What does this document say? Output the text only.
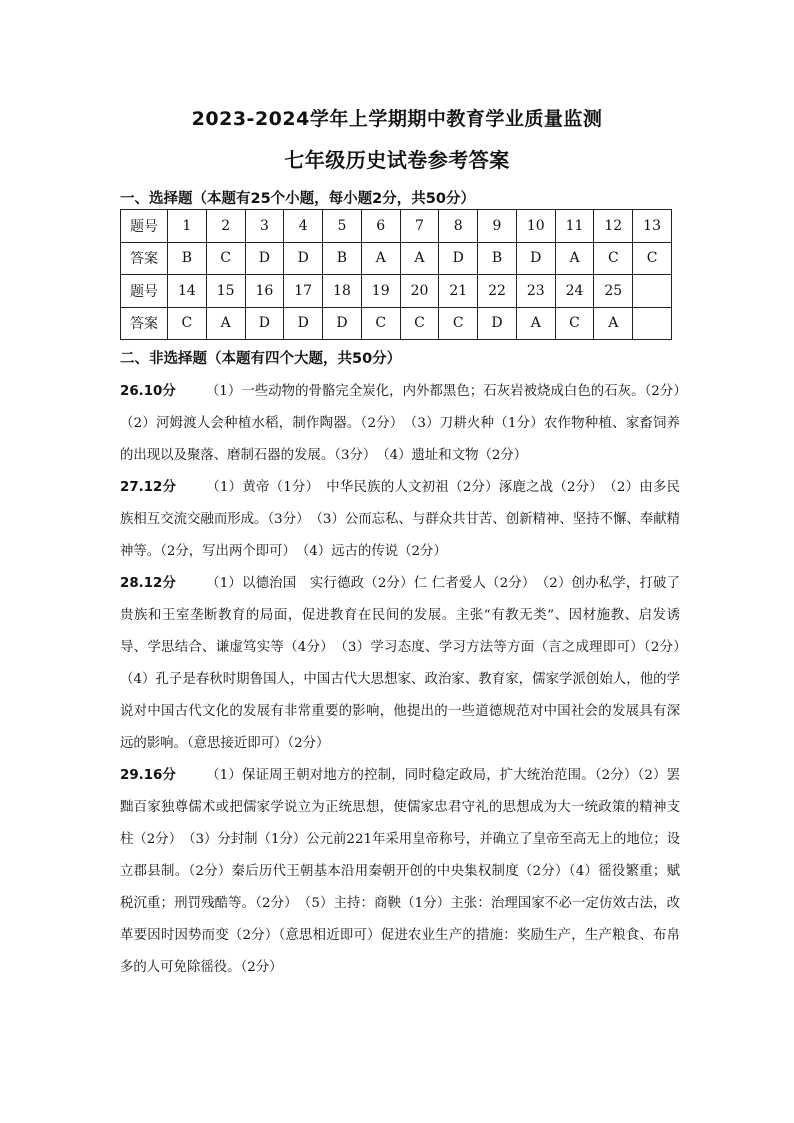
2023-2024学年上学期期中教育学业质量监测
七年级历史试卷参考答案
一、选择题（本题有25个小题，每小题2分，共50分）
题号	1	2	3	4	5	6	7	8	9	10	11	12	13
答案	B	C	D	D	B	A	A	D	B	D	A	C	C
题号	14	15	16	17	18	19	20	21	22	23	24	25	
答案	C	A	D	D	D	C	C	C	D	A	C	A	
二、非选择题（本题有四个大题，共50分）

26.10分 （1）一些动物的骨骼完全炭化，内外都黑色；石灰岩被烧成白色的石灰。（2分）（2）河姆渡人会种植水稻，制作陶器。（2分）　（3）刀耕火种（1分）农作物种植、家畜饲养的出现以及聚落、磨制石器的发展。（3分）　（4）遗址和文物（2分）

27.12分 （1）黄帝（1分）　中华民族的人文初祖（2分）涿鹿之战（2分）　（2）由多民族相互交流交融而形成。（3分）　（3）公而忘私、与群众共甘苦、创新精神、坚持不懈、奉献精神等。（2分，写出两个即可）　（4）远古的传说（2分）

28.12分 （1）以德治国　实行德政（2分）仁 仁者爱人（2分）　（2）创办私学，打破了贵族和王室垄断教育的局面，促进教育在民间的发展。主张“有教无类”、因材施教、启发诱导、学思结合、谦虚笃实等（4分）　（3）学习态度、学习方法等方面（言之成理即可）（2分）　（4）孔子是春秋时期鲁国人，中国古代大思想家、政治家、教育家，儒家学派创始人，他的学说对中国古代文化的发展有非常重要的影响，他提出的一些道德规范对中国社会的发展具有深远的影响。（意思接近即可）（2分）

29.16分 （1）保证周王朝对地方的控制，同时稳定政局，扩大统治范围。（2分）（2）罢黜百家独尊儒术或把儒家学说立为正统思想，使儒家忠君守礼的思想成为大一统政策的精神支柱（2分）　（3）分封制（1分）公元前221年采用皇帝称号，并确立了皇帝至高无上的地位；设立郡县制。（2分）秦后历代王朝基本沿用秦朝开创的中央集权制度（2分）（4）徭役繁重；赋税沉重；刑罚残酷等。（2分）　（5）主持：商鞅（1分）主张：治理国家不必一定仿效古法，改革要因时因势而变（2分）（意思相近即可）促进农业生产的措施：奖励生产，生产粮食、布帛多的人可免除徭役。（2分）
